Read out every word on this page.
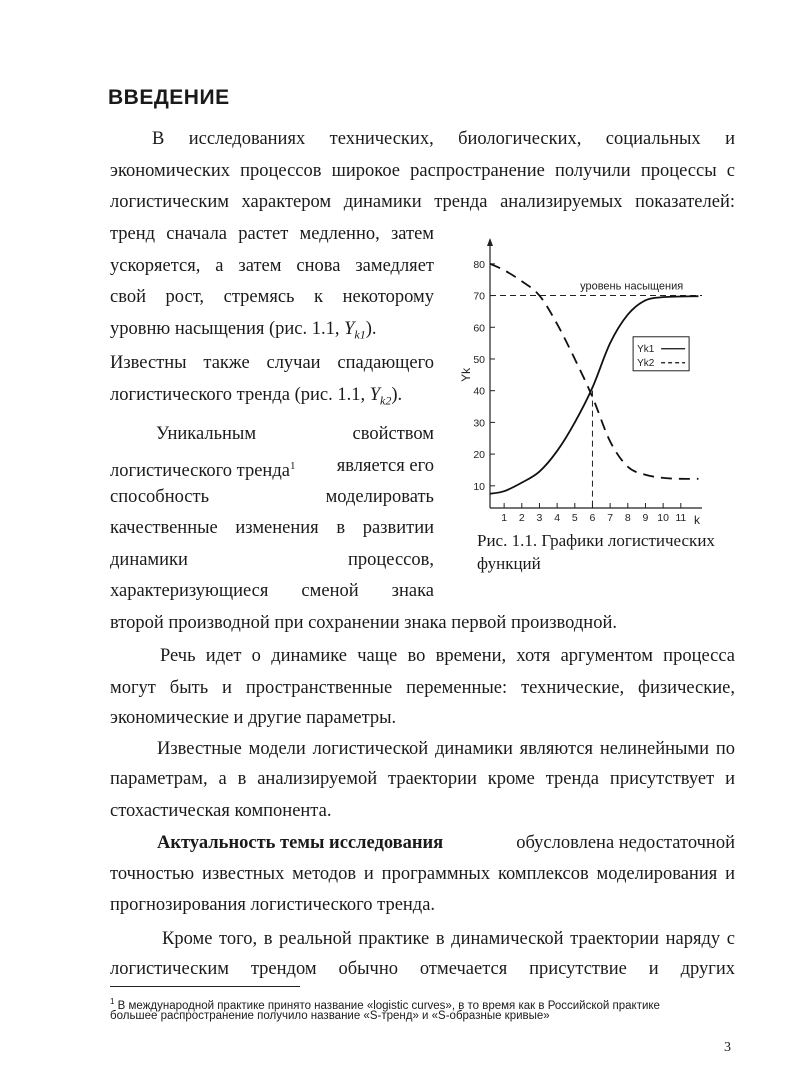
ВВЕДЕНИЕ
В исследованиях технических, биологических, социальных и
экономических процессов широкое распространение получили процессы с
логистическим характером динамики тренда анализируемых показателей:
тренд сначала растет медленно, затем
ускоряется, а затем снова замедляет
свой рост, стремясь к некоторому
уровню насыщения (рис. 1.1, $Y_{k1}$).
Известны также случаи спадающего
логистического тренда (рис. 1.1, $Y_{k2}$).
Уникальным	свойством
логистического тренда$^1$ является его
способность	моделировать
качественные изменения в развитии
динамики	процессов,
характеризующиеся сменой знака
второй производной при сохранении знака первой производной.
10
20
30
40
50
60
70
80
1 2 3 4 5 6 7 8 9 10 11
Yk
k
уровень насыщения
Yk1
Yk2
Рис. 1.1. Графики логистических
функций
Речь идет о динамике чаще во времени, хотя аргументом процесса
могут быть и пространственные переменные: технические, физические,
экономические и другие параметры.
Известные модели логистической динамики являются нелинейными по
параметрам, а в анализируемой траектории кроме тренда присутствует и
стохастическая компонента.
Актуальность темы исследования	обусловлена недостаточной
точностью известных методов и программных комплексов моделирования и
прогнозирования логистического тренда.
Кроме того, в реальной практике в динамической траектории наряду с
логистическим трендом обычно отмечается присутствие и других
$^1$ В международной практике принято название «logistic curves», в то время как в Российской практике
большее распространение получило название «S-тренд» и «S-образные кривые»
3
